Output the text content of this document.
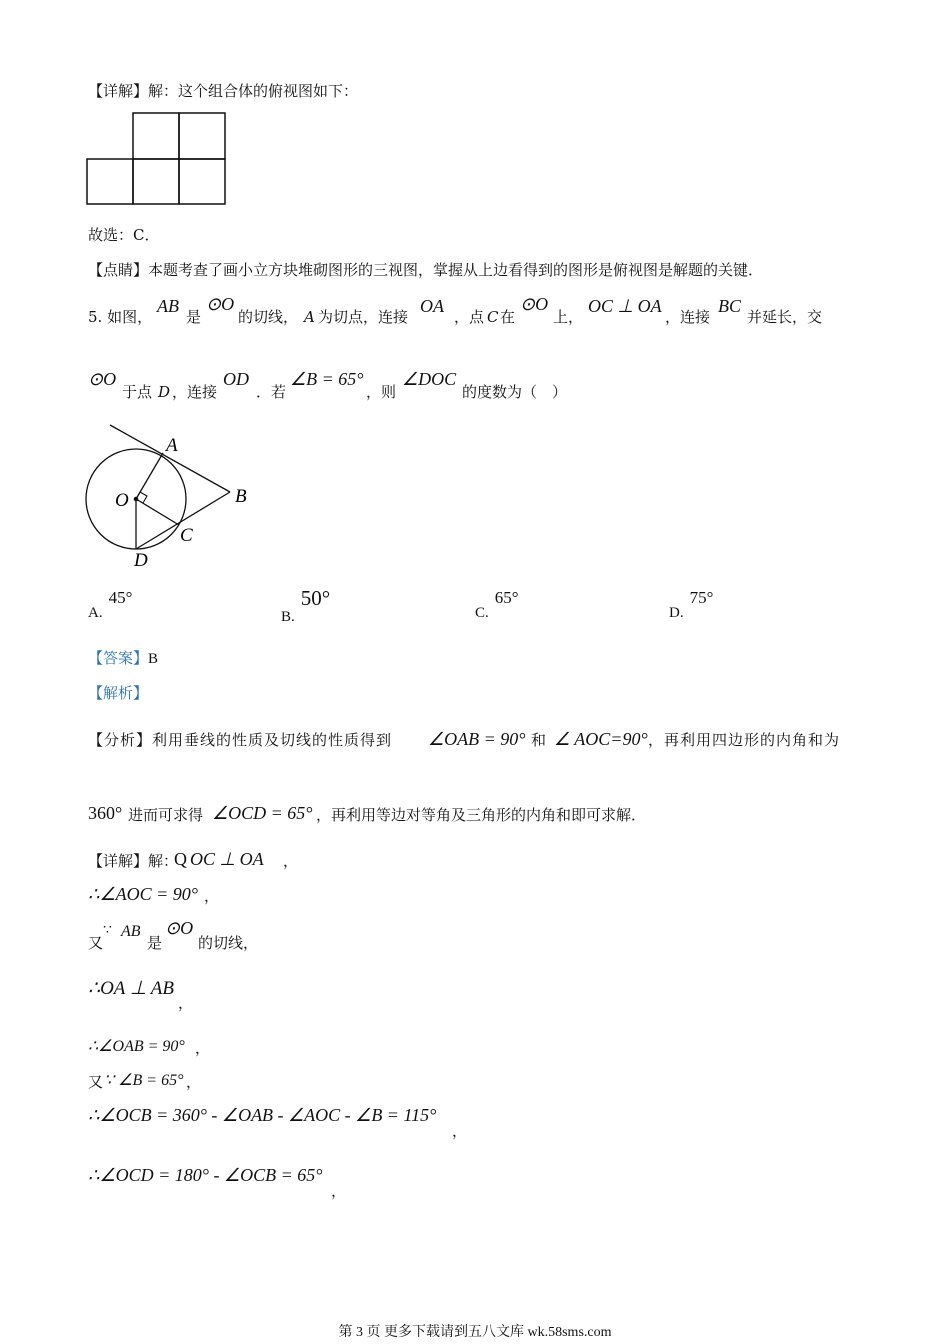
【详解】解：这个组合体的俯视图如下：
故选：C．
【点睛】本题考查了画小立方块堆砌图形的三视图，掌握从上边看得到的图形是俯视图是解题的关键．
5. 如图，
AB
是
⊙O
的切线， A 为切点，连接
OA
，点 C 在
⊙O
上，
OC ⊥ OA
，连接
BC
并延长，交
⊙O
于点 D ，连接
OD
．若
∠B = 65°
，则
∠DOC
的度数为（　）
A
B
O
C
D
A.45°
B.50°
C.65°
D.75°
【答案】B
【解析】
【分析】利用垂线的性质及切线的性质得到 ∠OAB = 90° 和 ∠ AOC=90° ，再利用四边形的内角和为
360° 进而可求得 ∠OCD = 65° ，再利用等边对等角及三角形的内角和即可求解．
【详解】解：
Q OC ⊥ OA ，
∴∠AOC = 90° ，
又
∵ AB
是
⊙O
的切线，
∴OA ⊥ AB
，
∴∠OAB = 90° ，
又 ∵ ∠B = 65° ，
∴∠OCB = 360° - ∠OAB - ∠AOC - ∠B = 115°
，
∴∠OCD = 180° - ∠OCB = 65°
，
第 3 页 更多下载请到五八文库 wk.58sms.com
